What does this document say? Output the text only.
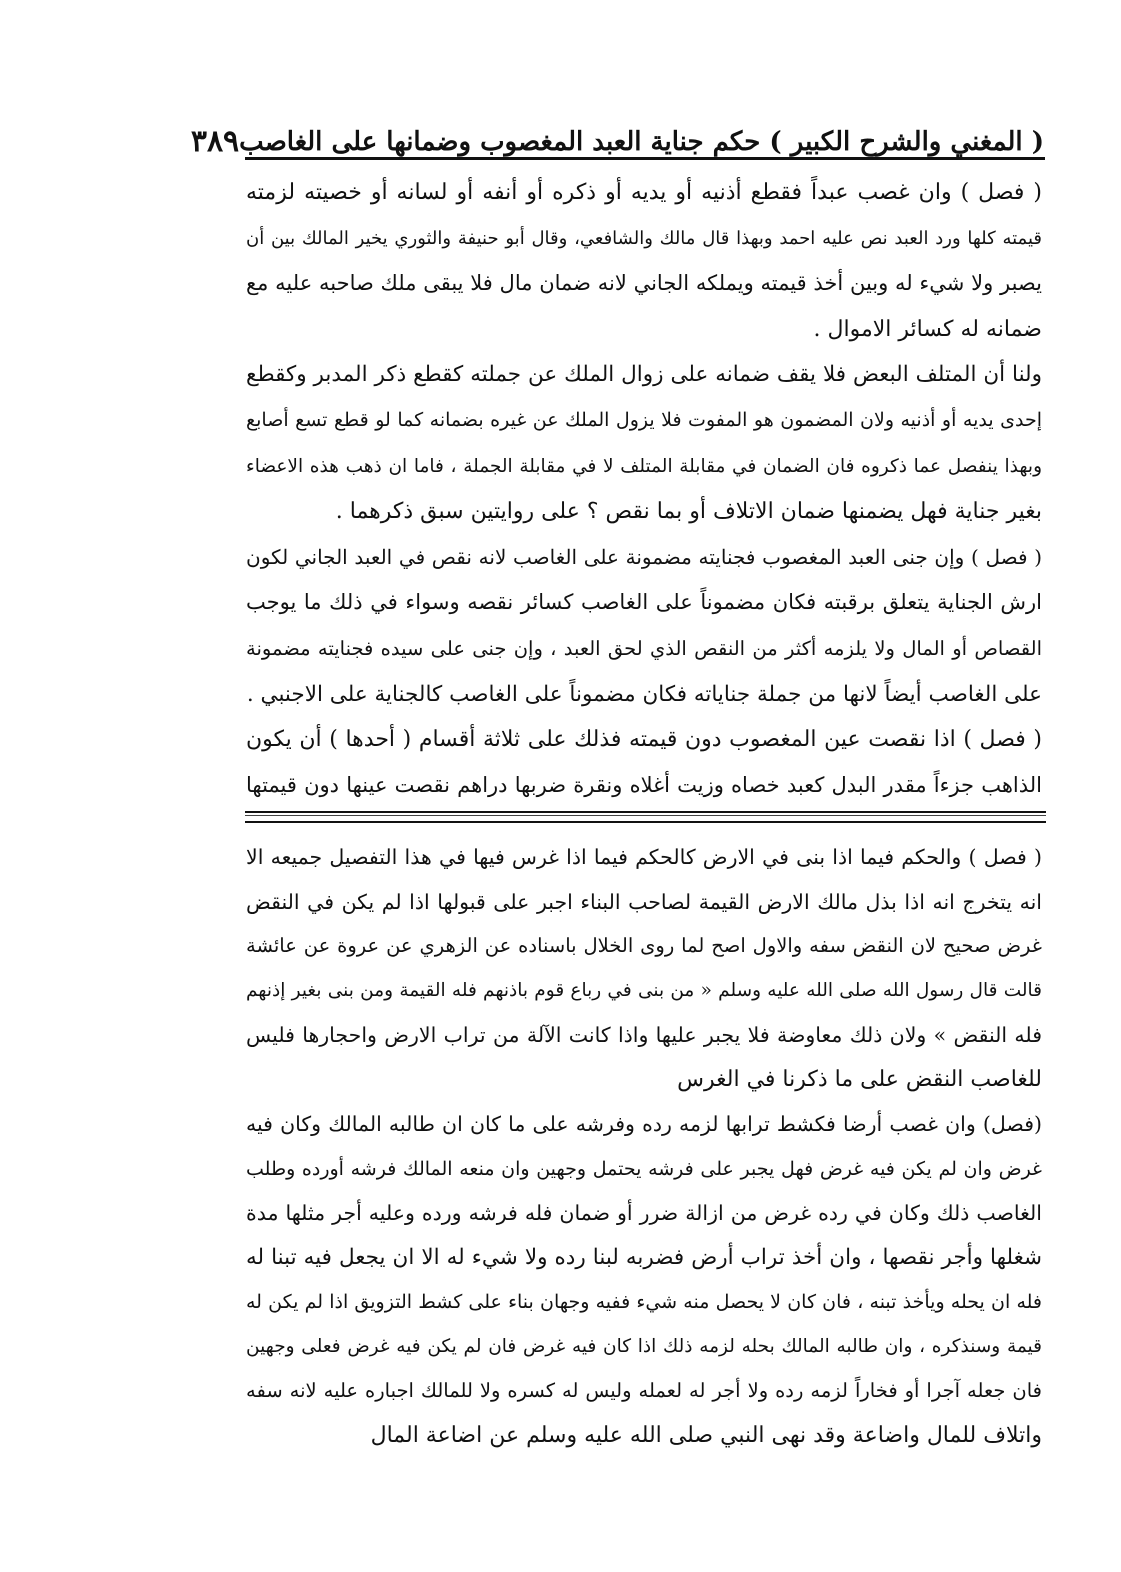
( المغني والشرح الكبير ) حكم جناية العبد المغصوب وضمانها على الغاصب
٣٨٩
( فصل ) وان غصب عبداً فقطع أذنيه أو يديه أو ذكره أو أنفه أو لسانه أو خصيته لزمته
قيمته كلها ورد العبد نص عليه احمد وبهذا قال مالك والشافعي، وقال أبو حنيفة والثوري يخير المالك بين أن
يصبر ولا شيء له وبين أخذ قيمته ويملكه الجاني لانه ضمان مال فلا يبقى ملك صاحبه عليه مع
ضمانه له كسائر الاموال .
ولنا أن المتلف البعض فلا يقف ضمانه على زوال الملك عن جملته كقطع ذكر المدبر وكقطع
إحدى يديه أو أذنيه ولان المضمون هو المفوت فلا يزول الملك عن غيره بضمانه كما لو قطع تسع أصابع
وبهذا ينفصل عما ذكروه فان الضمان في مقابلة المتلف لا في مقابلة الجملة ، فاما ان ذهب هذه الاعضاء
بغير جناية فهل يضمنها ضمان الاتلاف أو بما نقص ؟ على روايتين سبق ذكرهما .
( فصل ) وإن جنى العبد المغصوب فجنايته مضمونة على الغاصب لانه نقص في العبد الجاني لكون
ارش الجناية يتعلق برقبته فكان مضموناً على الغاصب كسائر نقصه وسواء في ذلك ما يوجب
القصاص أو المال ولا يلزمه أكثر من النقص الذي لحق العبد ، وإن جنى على سيده فجنايته مضمونة
على الغاصب أيضاً لانها من جملة جناياته فكان مضموناً على الغاصب كالجناية على الاجنبي .
( فصل ) اذا نقصت عين المغصوب دون قيمته فذلك على ثلاثة أقسام ( أحدها ) أن يكون
الذاهب جزءاً مقدر البدل كعبد خصاه وزيت أغلاه ونقرة ضربها دراهم نقصت عينها دون قيمتها
( فصل ) والحكم فيما اذا بنى في الارض كالحكم فيما اذا غرس فيها في هذا التفصيل جميعه الا
انه يتخرج انه اذا بذل مالك الارض القيمة لصاحب البناء اجبر على قبولها اذا لم يكن في النقض
غرض صحيح لان النقض سفه والاول اصح لما روى الخلال باسناده عن الزهري عن عروة عن عائشة
قالت قال رسول الله صلى الله عليه وسلم « من بنى في رباع قوم باذنهم فله القيمة ومن بنى بغير إذنهم
فله النقض » ولان ذلك معاوضة فلا يجبر عليها واذا كانت الآلة من تراب الارض واحجارها فليس
للغاصب النقض على ما ذكرنا في الغرس
(فصل) وان غصب أرضا فكشط ترابها لزمه رده وفرشه على ما كان ان طالبه المالك وكان فيه
غرض وان لم يكن فيه غرض فهل يجبر على فرشه يحتمل وجهين وان منعه المالك فرشه أورده وطلب
الغاصب ذلك وكان في رده غرض من ازالة ضرر أو ضمان فله فرشه ورده وعليه أجر مثلها مدة
شغلها وأجر نقصها ، وان أخذ تراب أرض فضربه لبنا رده ولا شيء له الا ان يجعل فيه تبنا له
فله ان يحله ويأخذ تبنه ، فان كان لا يحصل منه شيء ففيه وجهان بناء على كشط التزويق اذا لم يكن له
قيمة وسنذكره ، وان طالبه المالك بحله لزمه ذلك اذا كان فيه غرض فان لم يكن فيه غرض فعلى وجهين
فان جعله آجرا أو فخاراً لزمه رده ولا أجر له لعمله وليس له كسره ولا للمالك اجباره عليه لانه سفه
واتلاف للمال واضاعة وقد نهى النبي صلى الله عليه وسلم عن اضاعة المال
